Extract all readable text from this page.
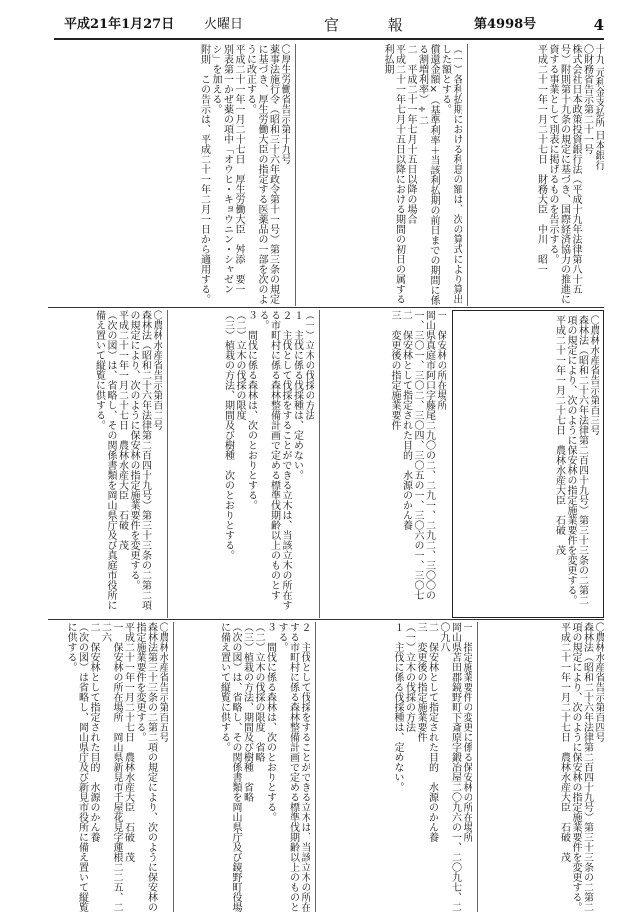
平成21年1月27日 火曜日	官 報	第4998号	4
十九 元利金支払所 日本銀行
〇財務省告示第二十一号
株式会社日本政策投資銀行法（平成十九年法律第八十五号）附則第十九条の規定に基づき、国際経済協力の推進に資する事業として別表に掲げるものを告示する。
平成二十一年一月二十七日　財務大臣　中川　昭一
（一）各利払期における利息の額は、次の算式により算出した額とする。
償還金額×（基準利率＋当該利払期の前日までの期間に係る割増利率）÷二
二　平成二十一年七月十五日以降の場合
平成二十一年七月十五日以降における期間の初日の属する利払期
〇厚生労働省告示第十九号
薬事法施行令（昭和三十六年政令第十一号）第三条の規定に基づき、厚生労働大臣の指定する医薬品の一部を次のように改正する。
平成二十一年一月二十七日　厚生労働大臣　舛添　要一
別表第一かぜ薬の項中「オウヒ・キョウニン・シャゼンシ」を加える。
附則　この告示は、平成二十一年二月一日から適用する。
〇農林水産省告示第百三号
森林法（昭和二十六年法律第二百四十九号）第三十三条の二第二項の規定により、次のように保安林の指定施業要件を変更する。
平成二十一年一月二十七日　農林水産大臣　石破　茂
一　保安林の所在場所
岡山県真庭市阿口字藤尾二九〇の二、二九一、二九二、三〇〇の一、三〇一、三〇二、三〇四、三〇五の一、三〇六の一、三〇七
二　保安林として指定された目的　水源のかん養
三　変更後の指定施業要件
（一）立木の伐採の方法
１　主伐に係る伐採種は、定めない。
２　主伐として伐採をすることができる立木は、当該立木の所在する市町村に係る森林整備計画で定める標準伐期齢以上のものとする。
３　間伐に係る森林は、次のとおりとする。
（二）立木の伐採の限度
（三）植栽の方法、期間及び樹種　次のとおりとする。
〇農林水産省告示第百二号
森林法（昭和二十六年法律第二百四十九号）第三十三条の二第二項の規定により、次のように保安林の指定施業要件を変更する。
平成二十一年一月二十七日　農林水産大臣　石破　茂
（次の図）は、省略し、その関係書類を岡山県庁及び真庭市役所に備え置いて縦覧に供する。
〇農林水産省告示第百四号
森林法（昭和二十六年法律第二百四十九号）第三十三条の二第二項の規定により、次のように保安林の指定施業要件を変更する。
平成二十一年一月二十七日　農林水産大臣　石破　茂
一　指定施業要件の変更に係る保安林の所在場所
岡山県苫田郡鏡野町下斎原字鍛冶屋二〇九六の一、二〇九七、二〇九八
二　保安林として指定された目的　水源のかん養
三　変更後の指定施業要件
（一）立木の伐採の方法
１　主伐に係る伐採種は、定めない。
２　主伐として伐採をすることができる立木は、当該立木の所在する市町村に係る森林整備計画で定める標準伐期齢以上のものとする。
３　間伐に係る森林は、次のとおりとする。
（二）立木の伐採の限度　省略
（三）植栽の方法、期間及び樹種　省略
（次の図）は、省略し、その関係書類を岡山県庁及び鏡野町役場に備え置いて縦覧に供する。
〇農林水産省告示第百五号
森林法第三十三条の二第二項の規定により、次のように保安林の指定施業要件を変更する。
平成二十一年一月二十七日　農林水産大臣　石破　茂
一　保安林の所在場所　岡山県新見市千屋花見字蓮根二二五、二二六
二　保安林として指定された目的　水源のかん養
（次の図）は省略し、岡山県庁及び新見市役所に備え置いて縦覧に供する。
